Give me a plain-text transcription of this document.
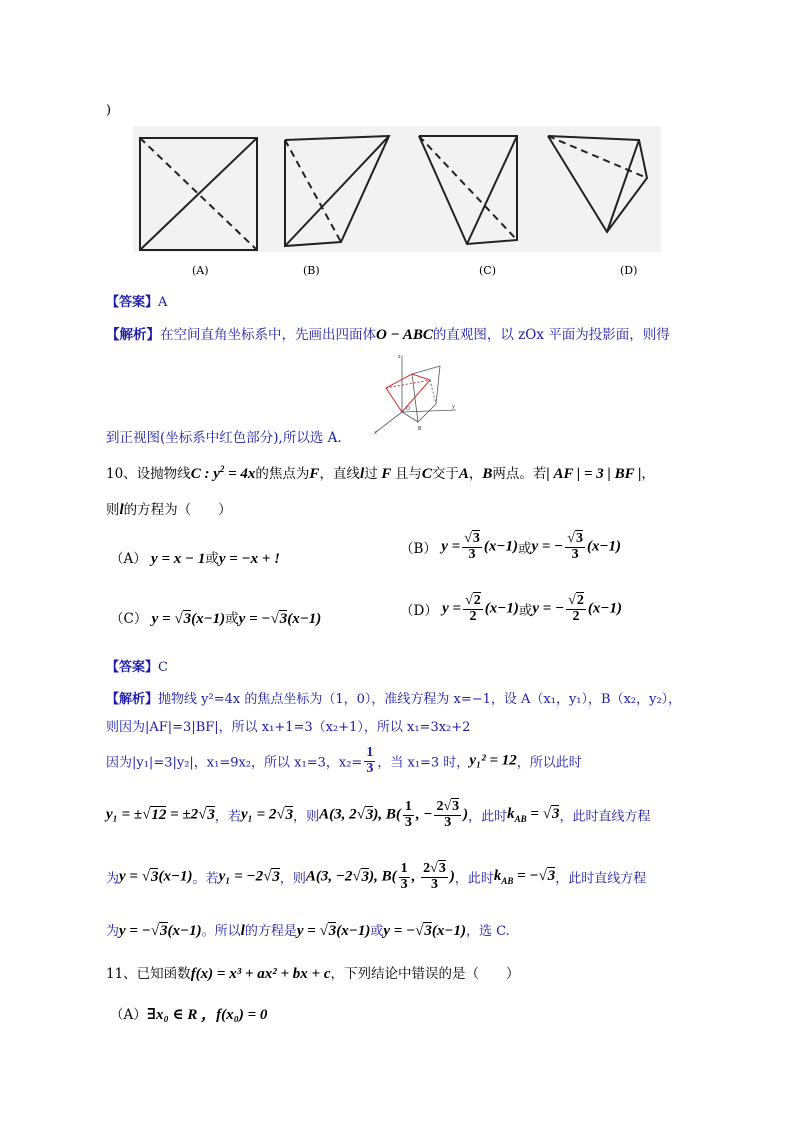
)
(A)	(B)	(C)	(D)
【答案】A
【解析】在空间直角坐标系中，先画出四面体O − ABC的直观图，以 zOx 平面为投影面，则得
z
y
x
O
B
到正视图(坐标系中红色部分),所以选 A.
10、设抛物线C : $y^2 = 4x$的焦点为F，直线l过 F 且与C交于A，B两点。若| AF | = 3 | BF |，
则l的方程为（　　）
（A） y = x − 1或y = −x + !
（B） $y = \frac{√3}{3} (x-1)$或y = − $\frac{√3}{3} (x-1)$
（C） y = √3(x−1)或y = −√3(x−1)	（D） $y = \frac{√2}{2} (x-1)$或y = − $\frac{√2}{2} (x-1)$
【答案】C
【解析】抛物线 y²=4x 的焦点坐标为（1，0），准线方程为 x=−1，设 A（x₁，y₁），B（x₂，y₂），
则因为|AF|=3|BF|，所以 x₁+1=3（x₂+1），所以 x₁=3x₂+2
因为|y₁|=3|y₂|，x₁=9x₂，所以 x₁=3，$x_2= \frac{1}{3}$ ，当 x₁=3 时，y₁² = 12，所以此时
y₁ = ±√12 = ±2√3，若y₁ = 2√3，则A(3, 2√3), $B( \frac{1}{3}$ , − $\frac{2√3}{3}$ )，此时$k_{AB} = √3$，此时直线方程
为y = √3(x−1)。若y₁ = −2√3，则A(3, −2√3), $B( \frac{1}{3}$ , $\frac{2√3}{3}$ )，此时$k_{AB} = -√3$，此时直线方程
为y = −√3(x−1)。所以l的方程是y = √3(x−1)或y = −√3(x−1)，选 C.
11、已知函数f(x) = x³ + ax² + bx + c，下列结论中错误的是（　　）
（A）∃x₀ ∈ R ，f(x₀) = 0
